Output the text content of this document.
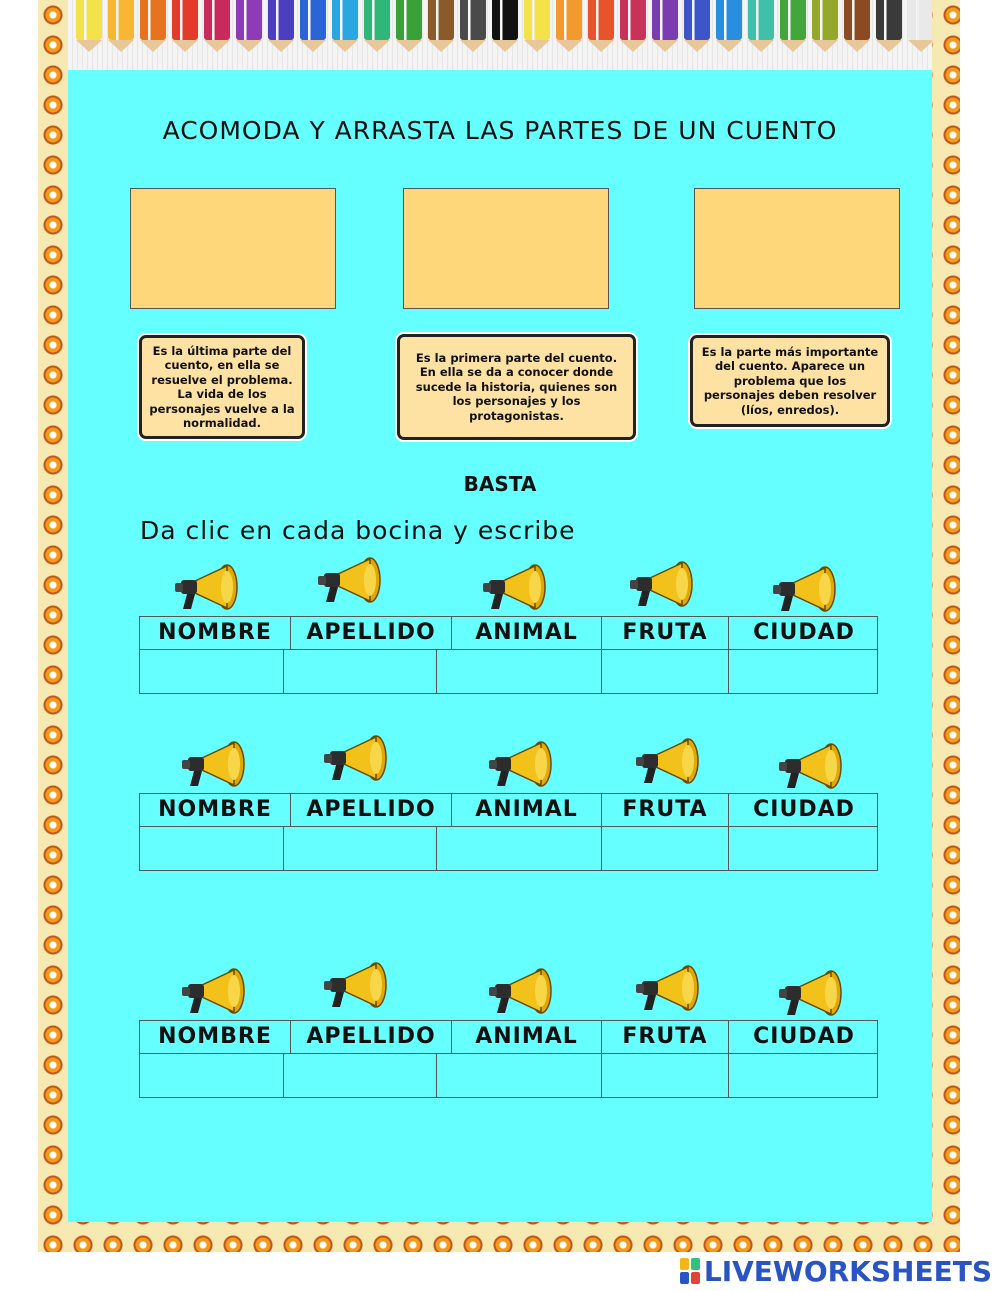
ACOMODA Y ARRASTA LAS PARTES DE UN CUENTO
Es la última parte del cuento, en ella se resuelve el problema. La vida de los personajes vuelve a la normalidad.
Es la primera parte del cuento. En ella se da a conocer donde sucede la historia, quienes son los personajes y los protagonistas.
Es la parte más importante del cuento. Aparece un problema que los personajes deben resolver (líos, enredos).
BASTA
Da clic en cada bocina y escribe
NOMBRE	APELLIDO	ANIMAL	FRUTA	CIUDAD
NOMBRE	APELLIDO	ANIMAL	FRUTA	CIUDAD
NOMBRE	APELLIDO	ANIMAL	FRUTA	CIUDAD
LIVEWORKSHEETS
